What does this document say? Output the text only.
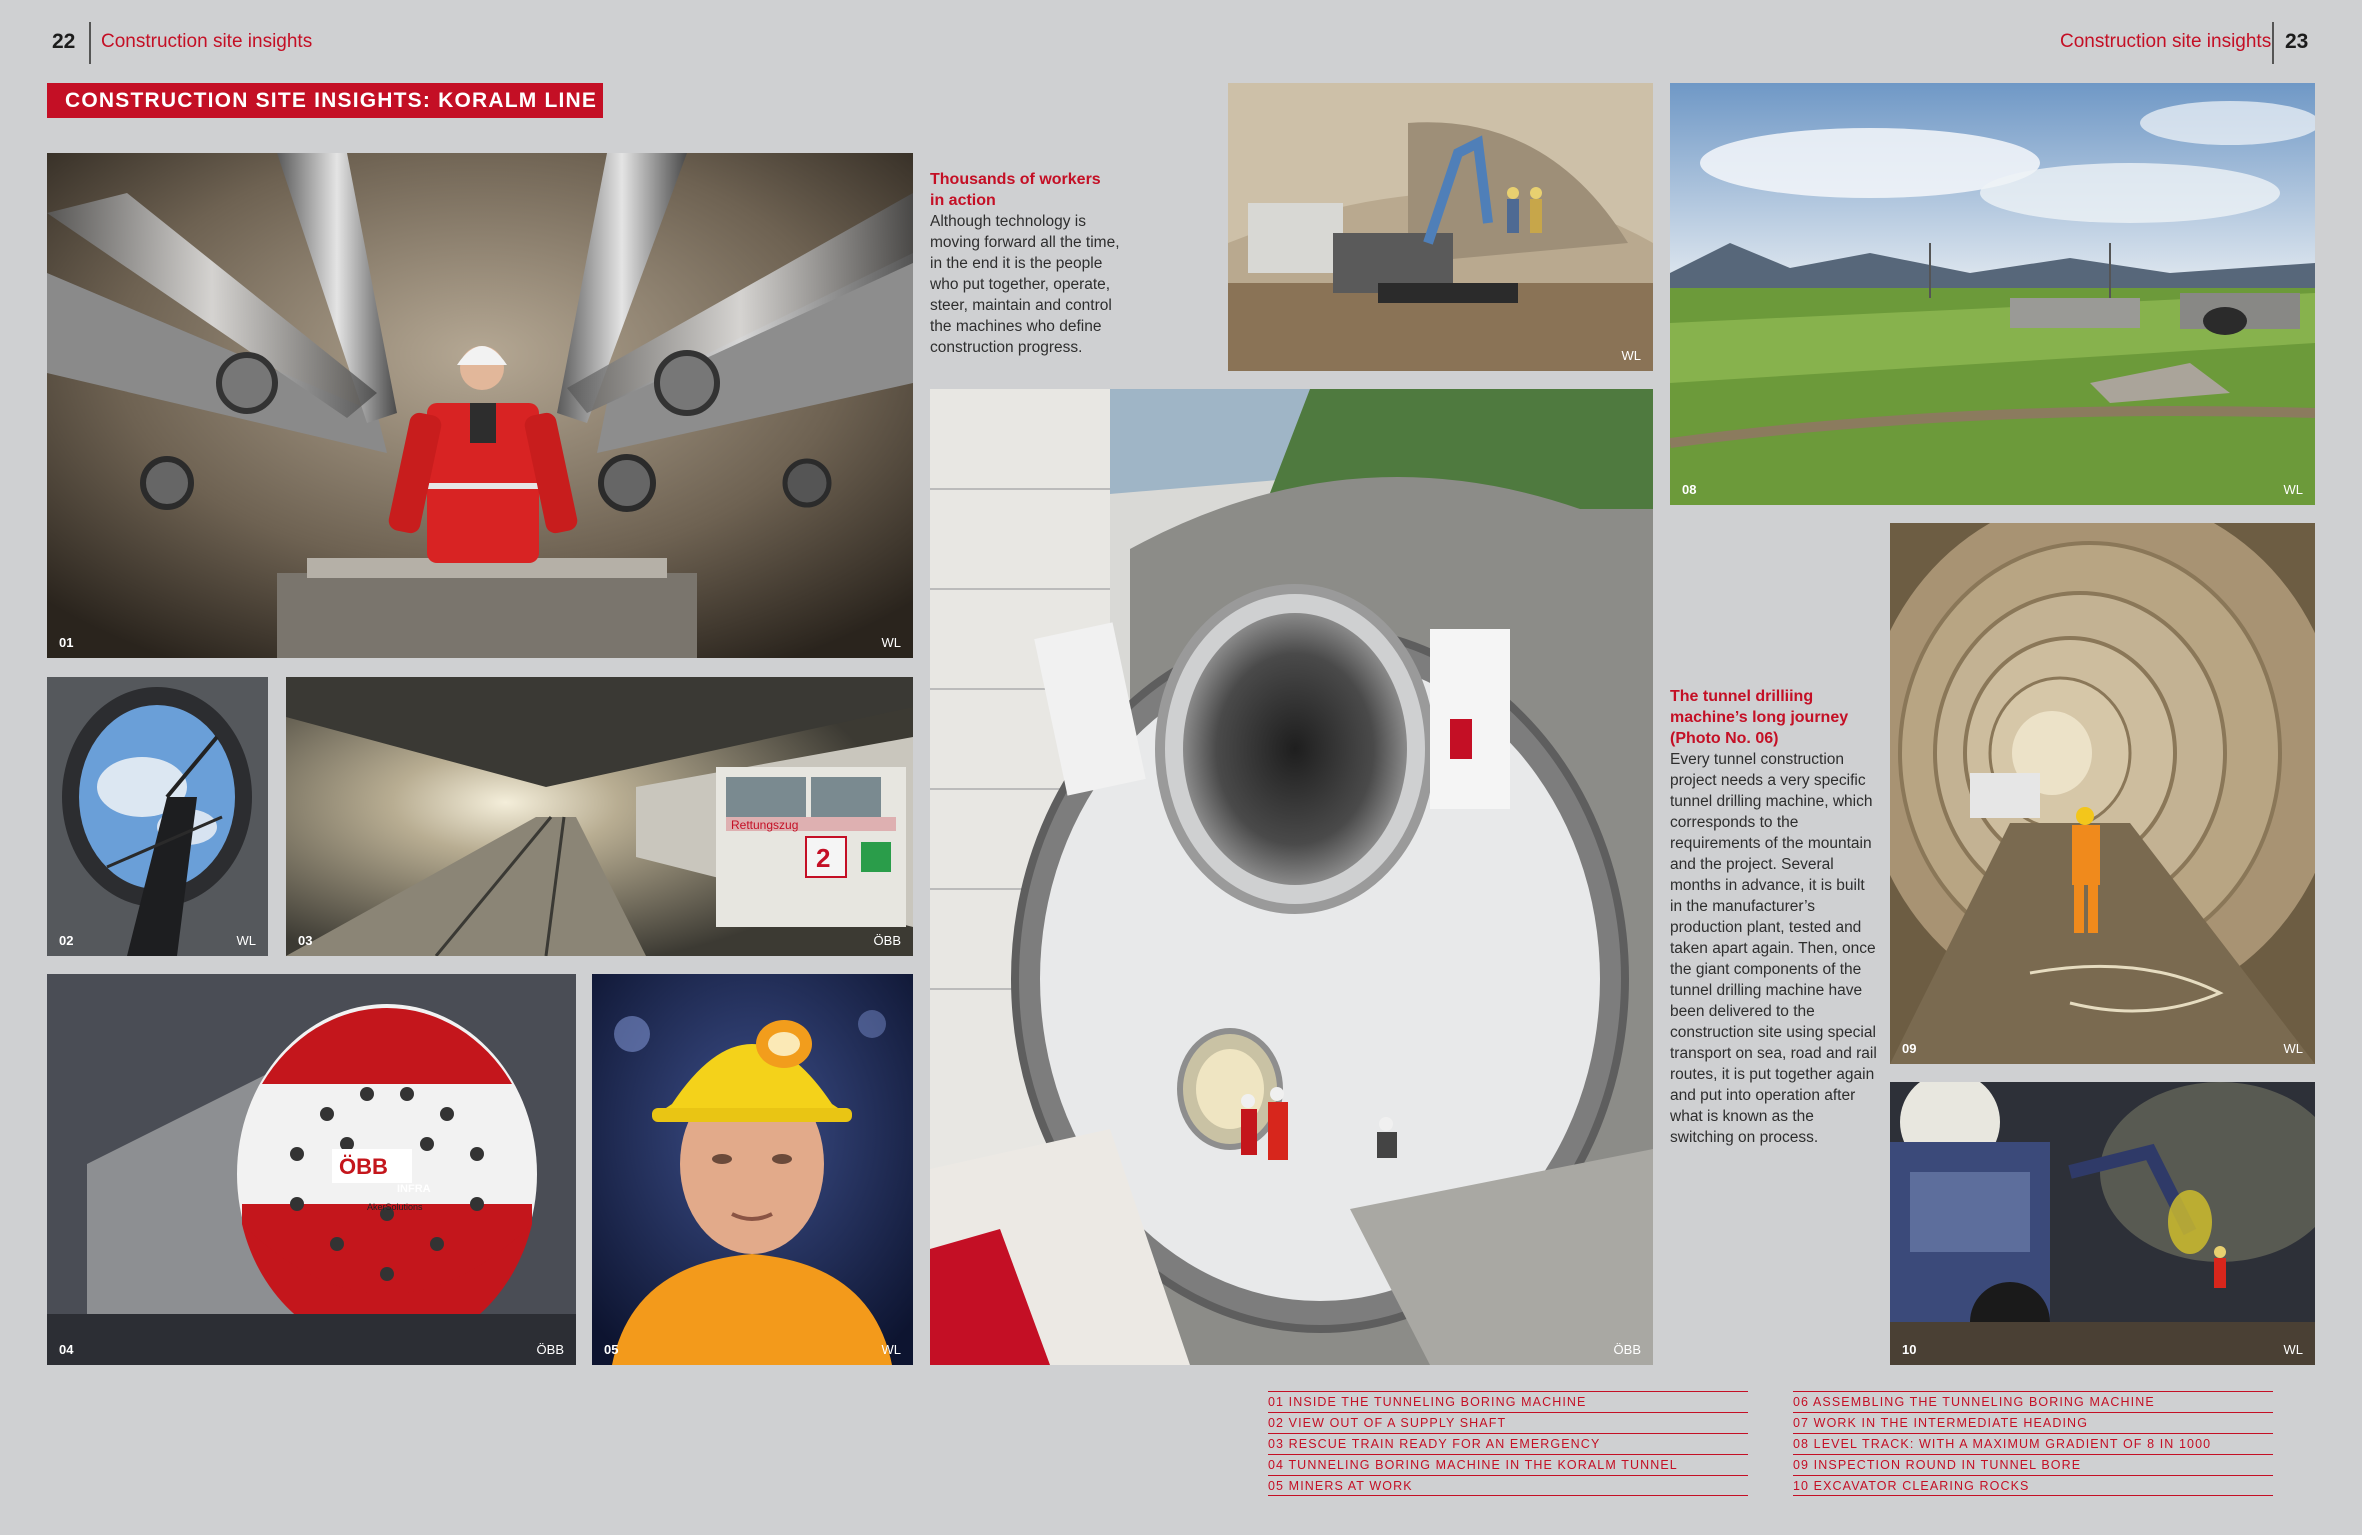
22 Construction site insights	Construction site insights 23
CONSTRUCTION SITE INSIGHTS: KORALM LINE
01	WL
02	WL
Rettungszug
2
03	ÖBB
ÖBB
INFRA
AkerSolutions
04	ÖBB	05	WL
Thousands of workers
in action

Although technology is moving forward all the time, in the end it is the people who put together, operate, steer, maintain and control the machines who define construction progress.	WL
ÖBB
08	WL
The tunnel drilliing
machine’s long journey
(Photo No. 06)

Every tunnel construction project needs a very specific tunnel drilling machine, which corresponds to the requirements of the mountain and the project. Several months in advance, it is built in the manufacturer’s production plant, tested and taken apart again. Then, once the giant components of the tunnel drilling machine have been delivered to the construction site using special transport on sea, road and rail routes, it is put together again and put into operation after what is known as the switching on process.

09	WL
10	WL
01 INSIDE THE TUNNELING BORING MACHINE
02 VIEW OUT OF A SUPPLY SHAFT
03 RESCUE TRAIN READY FOR AN EMERGENCY
04 TUNNELING BORING MACHINE IN THE KORALM TUNNEL
05 MINERS AT WORK
06 ASSEMBLING THE TUNNELING BORING MACHINE
07 WORK IN THE INTERMEDIATE HEADING
08 LEVEL TRACK: WITH A MAXIMUM GRADIENT OF 8 IN 1000
09 INSPECTION ROUND IN TUNNEL BORE
10 EXCAVATOR CLEARING ROCKS
